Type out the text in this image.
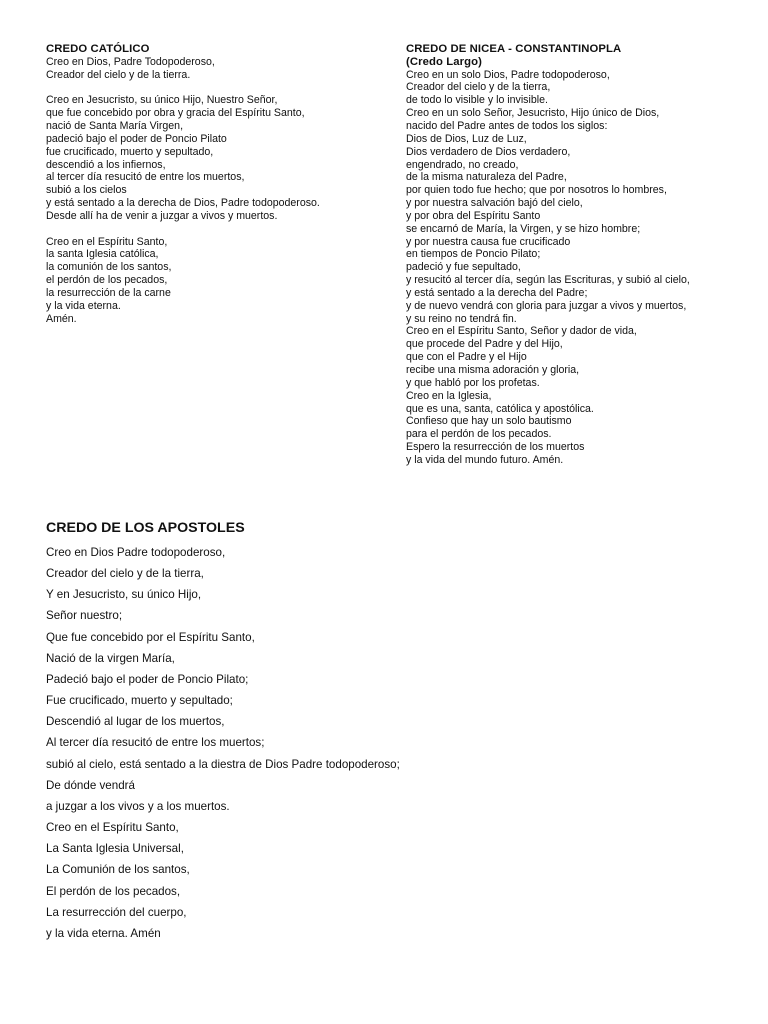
CREDO CATÓLICO

Creo en Dios, Padre Todopoderoso,

Creador del cielo y de la tierra.

Creo en Jesucristo, su único Hijo, Nuestro Señor,

que fue concebido por obra y gracia del Espíritu Santo,

nació de Santa María Virgen,

padeció bajo el poder de Poncio Pilato

fue crucificado, muerto y sepultado,

descendió a los infiernos,

al tercer día resucitó de entre los muertos,

subió a los cielos

y está sentado a la derecha de Dios, Padre todopoderoso.

Desde allí ha de venir a juzgar a vivos y muertos.

Creo en el Espíritu Santo,

la santa Iglesia católica,

la comunión de los santos,

el perdón de los pecados,

la resurrección de la carne

y la vida eterna.

Amén.

CREDO DE NICEA - CONSTANTINOPLA

(Credo Largo)

Creo en un solo Dios, Padre todopoderoso,

Creador del cielo y de la tierra,

de todo lo visible y lo invisible.

Creo en un solo Señor, Jesucristo, Hijo único de Dios,

nacido del Padre antes de todos los siglos:

Dios de Dios, Luz de Luz,

Dios verdadero de Dios verdadero,

engendrado, no creado,

de la misma naturaleza del Padre,

por quien todo fue hecho; que por nosotros lo hombres,

y por nuestra salvación bajó del cielo,

y por obra del Espíritu Santo

se encarnó de María, la Virgen, y se hizo hombre;

y por nuestra causa fue crucificado

en tiempos de Poncio Pilato;

padeció y fue sepultado,

y resucitó al tercer día, según las Escrituras, y subió al cielo,

y está sentado a la derecha del Padre;

y de nuevo vendrá con gloria para juzgar a vivos y muertos,

y su reino no tendrá fin.

Creo en el Espíritu Santo, Señor y dador de vida,

que procede del Padre y del Hijo,

que con el Padre y el Hijo

recibe una misma adoración y gloria,

y que habló por los profetas.

Creo en la Iglesia,

que es una, santa, católica y apostólica.

Confieso que hay un solo bautismo

para el perdón de los pecados.

Espero la resurrección de los muertos

y la vida del mundo futuro. Amén.

CREDO DE LOS APOSTOLES

Creo en Dios Padre todopoderoso,

Creador del cielo y de la tierra,

Y en Jesucristo, su único Hijo,

Señor nuestro;

Que fue concebido por el Espíritu Santo,

Nació de la virgen María,

Padeció bajo el poder de Poncio Pilato;

Fue crucificado, muerto y sepultado;

Descendió al lugar de los muertos,

Al tercer día resucitó de entre los muertos;

subió al cielo, está sentado a la diestra de Dios Padre todopoderoso;

De dónde vendrá

a juzgar a los vivos y a los muertos.

Creo en el Espíritu Santo,

La Santa Iglesia Universal,

La Comunión de los santos,

El perdón de los pecados,

La resurrección del cuerpo,

y la vida eterna. Amén
